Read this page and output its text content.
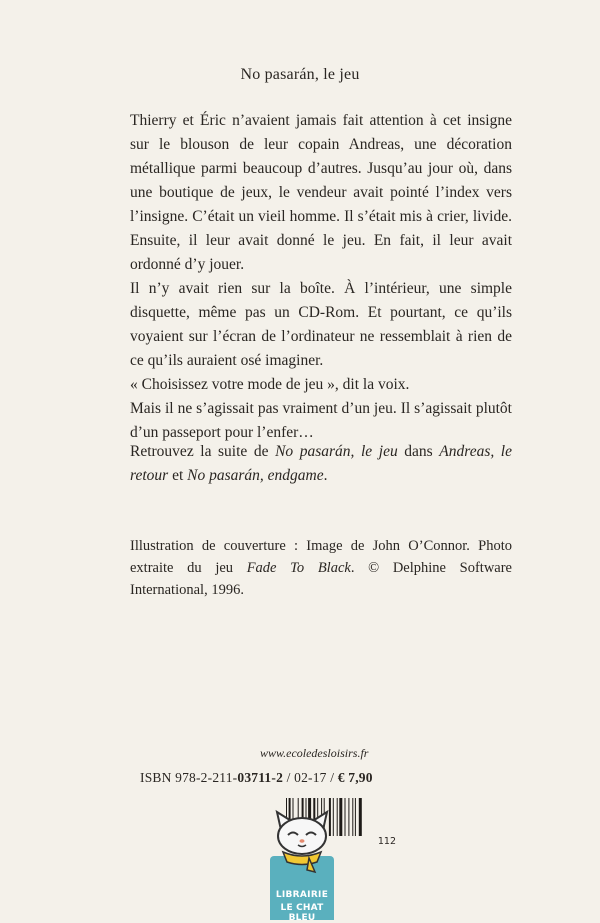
No pasarán, le jeu

Thierry et Éric n’avaient jamais fait attention à cet insigne sur le blouson de leur copain Andreas, une décoration métallique parmi beaucoup d’autres. Jusqu’au jour où, dans une boutique de jeux, le vendeur avait pointé l’index vers l’insigne. C’était un vieil homme. Il s’était mis à crier, livide. Ensuite, il leur avait donné le jeu. En fait, il leur avait ordonné d’y jouer.

Il n’y avait rien sur la boîte. À l’intérieur, une simple disquette, même pas un CD-Rom. Et pourtant, ce qu’ils voyaient sur l’écran de l’ordinateur ne ressemblait à rien de ce qu’ils auraient osé imaginer.

« Choisissez votre mode de jeu », dit la voix.

Mais il ne s’agissait pas vraiment d’un jeu. Il s’agissait plutôt d’un passeport pour l’enfer…

Retrouvez la suite de No pasarán, le jeu dans Andreas, le retour et No pasarán, endgame.
Illustration de couverture : Image de John O’Connor. Photo extraite du jeu Fade To Black. © Delphine Software International, 1996.
www.ecoledesloisirs.fr
ISBN 978-2-211-03711-2 / 02-17 / € 7,90
112
LIBRAIRIE
LE CHAT BLEU
